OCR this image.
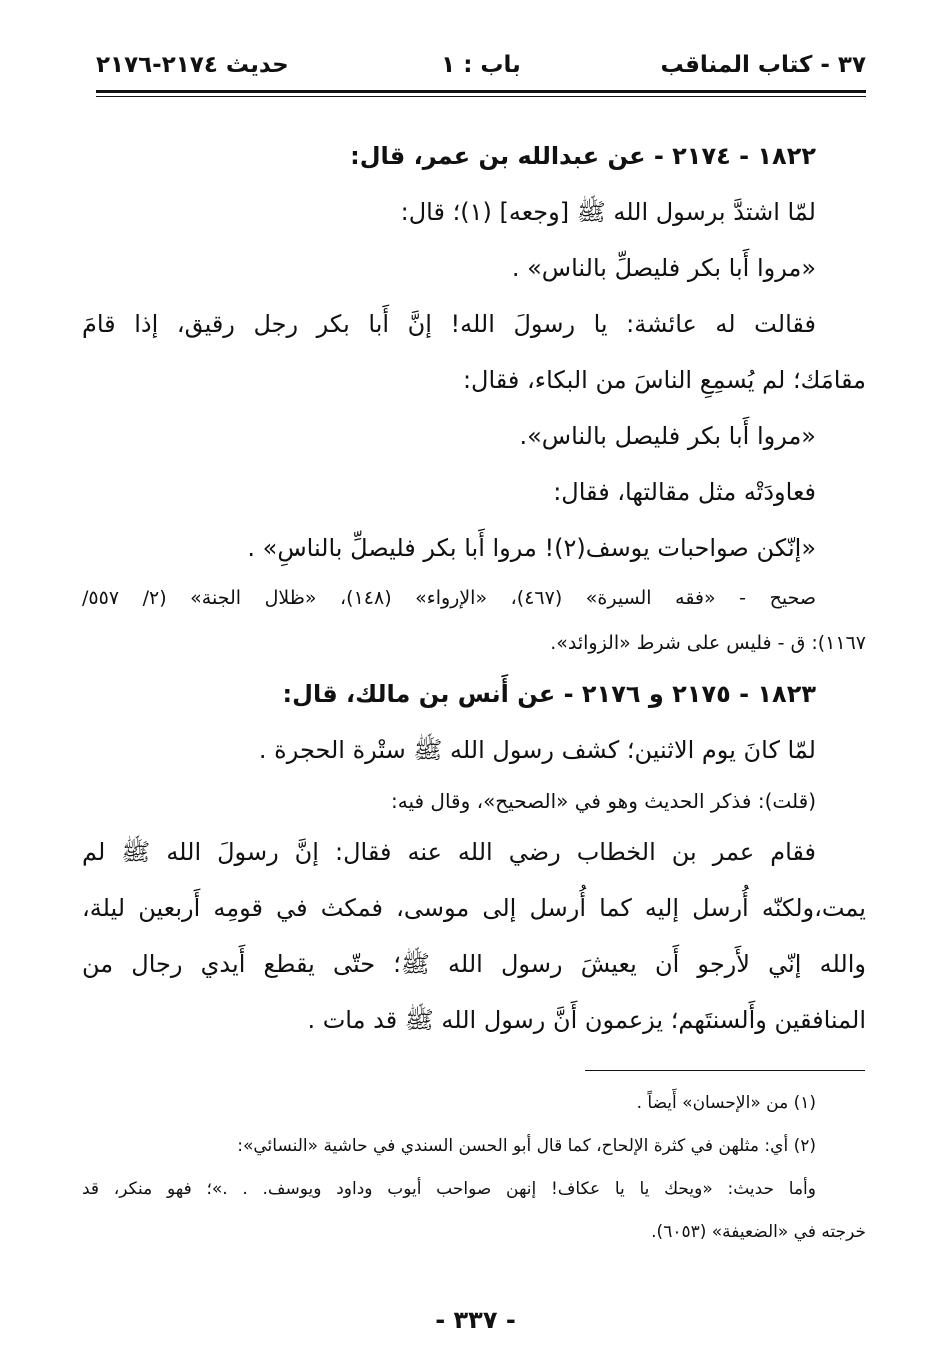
٣٧ - كتاب المناقب
باب : ١
حديث ٢١٧٤-٢١٧٦
١٨٢٢ - ٢١٧٤ - عن عبدالله بن عمر، قال:
لمّا اشتدَّ برسول الله ﷺ [وجعه] (١)؛ قال:
«مروا أَبا بكر فليصلِّ بالناس» .
فقالت له عائشة: يا رسولَ الله! إنَّ أَبا بكر رجل رقيق، إذا قامَ
مقامَك؛ لم يُسمِعِ الناسَ من البكاء، فقال:
«مروا أَبا بكر فليصل بالناس».
فعاودَتْه مثل مقالتها، فقال:
«إنّكن صواحبات يوسف(٢)! مروا أَبا بكر فليصلِّ بالناسِ» .
صحيح - «فقه السيرة» (٤٦٧)، «الإرواء» (١٤٨)، «ظلال الجنة» (٢/ ٥٥٧/
١١٦٧): ق - فليس على شرط «الزوائد».
١٨٢٣ - ٢١٧٥ و ٢١٧٦ - عن أَنس بن مالك، قال:
لمّا كانَ يوم الاثنين؛ كشف رسول الله ﷺ ستْرة الحجرة .
(قلت): فذكر الحديث وهو في «الصحيح»، وقال فيه:
فقام عمر بن الخطاب رضي الله عنه فقال: إنَّ رسولَ الله ﷺ لم
يمت،ولكنّه أُرسل إليه كما أُرسل إلى موسى، فمكث في قومِه أَربعين ليلة،
والله إنّي لأَرجو أَن يعيشَ رسول الله ﷺ؛ حتّى يقطع أَيدي رجال من
المنافقين وأَلسنتَهم؛ يزعمون أَنَّ رسول الله ﷺ قد مات .
(١) من «الإحسان» أَيضاً .
(٢) أي: مثلهن في كثرة الإلحاح، كما قال أبو الحسن السندي في حاشية «النسائي»:
وأما حديث: «ويحك يا يا عكاف! إنهن صواحب أيوب وداود ويوسف. . .»؛ فهو منكر، قد
خرجته في «الضعيفة» (٦٠٥٣).
- ٣٣٧ -
